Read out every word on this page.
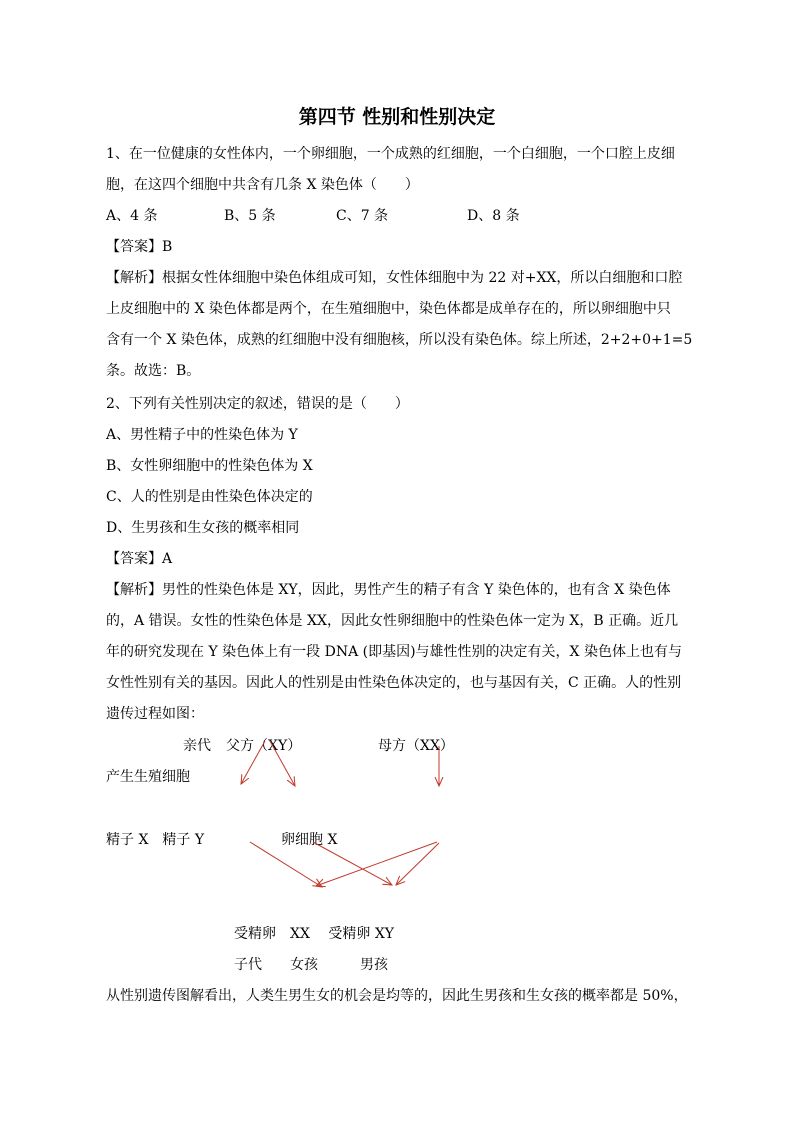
第四节 性别和性别决定
1、在一位健康的女性体内，一个卵细胞，一个成熟的红细胞，一个白细胞，一个口腔上皮细
胞，在这四个细胞中共含有几条 X 染色体（　　）
A、4 条	B、5 条	C、7 条	D、8 条
【答案】B
【解析】根据女性体细胞中染色体组成可知，女性体细胞中为 22 对+XX，所以白细胞和口腔
上皮细胞中的 X 染色体都是两个，在生殖细胞中，染色体都是成单存在的，所以卵细胞中只
含有一个 X 染色体，成熟的红细胞中没有细胞核，所以没有染色体。综上所述，2+2+0+1=5
条。故选：B。
2、下列有关性别决定的叙述，错误的是（　　）
A、男性精子中的性染色体为 Y
B、女性卵细胞中的性染色体为 X
C、人的性别是由性染色体决定的
D、生男孩和生女孩的概率相同
【答案】A
【解析】男性的性染色体是 XY，因此，男性产生的精子有含 Y 染色体的，也有含 X 染色体
的，A 错误。女性的性染色体是 XX，因此女性卵细胞中的性染色体一定为 X，B 正确。近几
年的研究发现在 Y 染色体上有一段 DNA (即基因)与雄性性别的决定有关，X 染色体上也有与
女性性别有关的基因。因此人的性别是由性染色体决定的，也与基因有关，C 正确。人的性别
遗传过程如图：
亲代 父方（XY）	母方（XX）
产生生殖细胞
精子 X　精子 Y	卵细胞 X
受精卵　XX　 受精卵 XY
子代　　女孩　　　男孩
从性别遗传图解看出，人类生男生女的机会是均等的，因此生男孩和生女孩的概率都是 50%，
